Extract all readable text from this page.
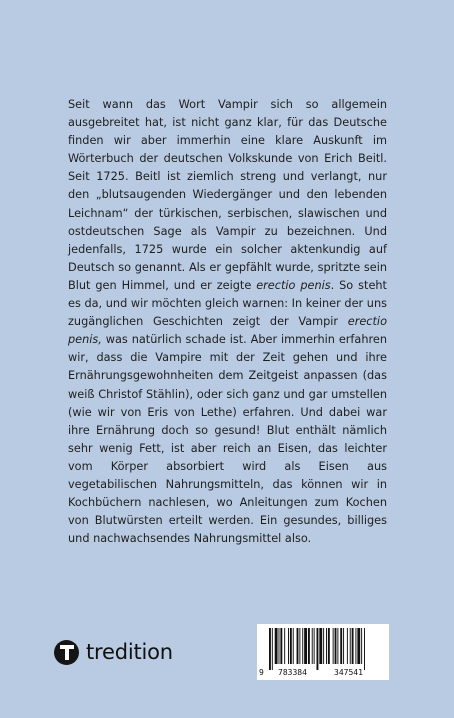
Seit wann das Wort Vampir sich so allgemein ausgebreitet hat, ist nicht ganz klar, für das Deutsche finden wir aber immerhin eine klare Auskunft im Wörterbuch der deutschen Volkskunde von Erich Beitl. Seit 1725. Beitl ist ziemlich streng und verlangt, nur den „blutsaugenden Wiedergänger und den lebenden Leichnam“ der türkischen, serbischen, slawischen und ostdeutschen Sage als Vampir zu bezeichnen. Und jedenfalls, 1725 wurde ein solcher aktenkundig auf Deutsch so genannt. Als er gepfählt wurde, spritzte sein Blut gen Himmel, und er zeigte erectio penis. So steht es da, und wir möchten gleich warnen: In keiner der uns zugänglichen Geschichten zeigt der Vampir erectio penis, was natürlich schade ist. Aber immerhin erfahren wir, dass die Vampire mit der Zeit gehen und ihre Ernährungsgewohnheiten dem Zeitgeist anpassen (das weiß Christof Stählin), oder sich ganz und gar umstellen (wie wir von Eris von Lethe) erfahren. Und dabei war ihre Ernährung doch so gesund! Blut enthält nämlich sehr wenig Fett, ist aber reich an Eisen, das leichter vom Körper absorbiert wird als Eisen aus vegetabilischen Nahrungsmitteln, das können wir in Kochbüchern nachlesen, wo Anleitungen zum Kochen von Blutwürsten erteilt werden. Ein gesundes, billiges und nachwachsendes Nahrungsmittel also.

tredition
9 783384	347541
